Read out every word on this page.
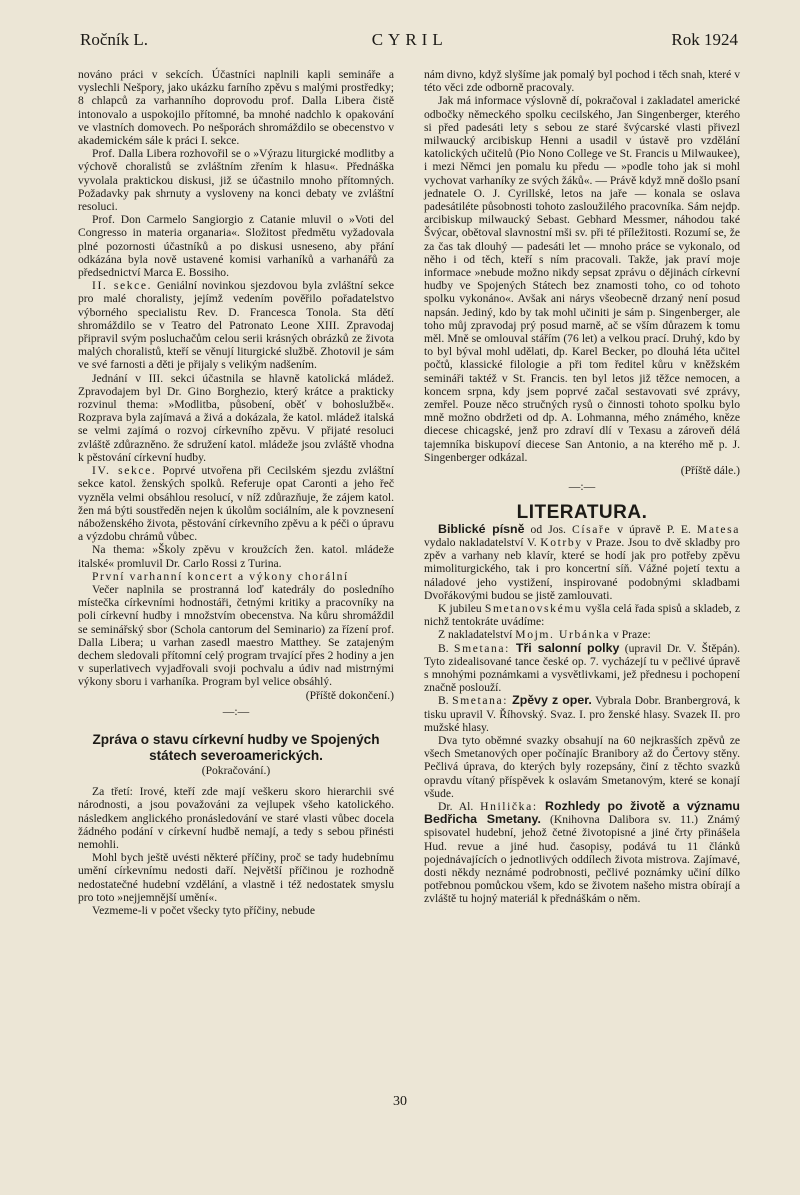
Ročník L.	CYRIL	Rok 1924

nováno práci v sekcích. Účastníci naplnili kapli seminářе a vyslechli Nešpory, jako ukázku farního zpěvu s malými prostředky; 8 chlapců za varhanního doprovodu prof. Dalla Libera čistě intonovalo a uspokojilo přítomné, ba mnohé nadchlo k opakování ve vlastních domovech. Po nešporách shromáždilo se obecenstvo v akademickém sále k práci I. sekce.

Prof. Dalla Libera rozhovořil se o »Výrazu liturgické modlitby a výchově choralistů se zvláštním zřením k hlasu«. Přednáška vyvolala praktickou diskusi, již se účastnilo mnoho přítomných. Požadavky pak shrnuty a vysloveny na konci debaty ve zvláštní resoluci.

Prof. Don Carmelo Sangiorgio z Catanie mluvil o »Voti del Congresso in materia organaria«. Složitost předmětu vyžadovala plné pozornosti účastníků a po diskusi usneseno, aby přání odkázána byla nově ustavené komisi varhaníků a varhanářů za předsednictví Marca E. Bossiho.

II. sekce. Geniální novinkou sjezdovou byla zvláštní sekce pro malé choralisty, jejímž vedením pověřilo pořadatelstvo výborného specialistu Rev. D. Francesca Tonola. Sta dětí shromáždilo se v Teatro del Patronato Leone XIII. Zpravodaj připravil svým posluchačům celou serii krásných obrázků ze života malých choralistů, kteří se věnují liturgické službě. Zhotovil je sám ve své farnosti a děti je přijaly s velikým nadšením.

Jednání v III. sekci účastnila se hlavně katolická mládež. Zpravodajem byl Dr. Gino Borghezio, který krátce a prakticky rozvinul thema: »Modlitba, působení, oběť v bohoslužbě«. Rozprava byla zajímavá a živá a dokázala, že katol. mládež italská se velmi zajímá o rozvoj církevního zpěvu. V přijaté resoluci zvláště zdůrazněno. že sdružení katol. mládeže jsou zvláště vhodna k pěstování církevní hudby.

IV. sekce. Poprvé utvořena při Cecilském sjezdu zvláštní sekce katol. ženských spolků. Referuje opat Caronti a jeho řeč vyzněla velmi obsáhlou resolucí, v níž zdůrazňuje, že zájem katol. žen má býti soustředěn nejen k úkolům sociálním, ale k povznesení náboženského života, pěstování církevního zpěvu a k péči o úpravu a výzdobu chrámů vůbec.

Na thema: »Školy zpěvu v kroužcích žen. katol. mládeže italské« promluvil Dr. Carlo Rossi z Turina.

První varhanní koncert a výkony chorální

Večer naplnila se prostranná loď katedrály do posledního místečka církevními hodnostáři, četnými kritiky a pracovníky na poli církevní hudby i množstvím obecenstva. Na kůru shromáždil se seminářský sbor (Schola cantorum del Seminario) za řízení prof. Dalla Libera; u varhan zasedl maestro Matthey. Se zatajeným dechem sledovali přítomní celý program trvající přes 2 hodiny a jen v superlativech vyjadřovali svoji pochvalu a údiv nad mistrnými výkony sboru i varhaníka. Program byl velice obsáhlý.

(Příště dokončení.)

—:—
Zpráva o stavu církevní hudby ve Spojených státech severoamerických.
(Pokračování.)

Za třetí: Irové, kteří zde mají veškeru skoro hierarchii své národnosti, a jsou považováni za vejlupek všeho katolického. následkem anglického pronásledování ve staré vlasti vůbec docela žádného podání v církevní hudbě nemají, a tedy s sebou přinésti nemohli.

Mohl bych ještě uvésti některé příčiny, proč se tady hudebnímu umění církevnímu nedosti daří. Největší příčinou je rozhodně nedostatečné hudební vzdělání, a vlastně i též nedostatek smyslu pro toto »nejjemnější umění«.

Vezmeme-li v počet všecky tyto příčiny, nebude

nám divno, když slyšíme jak pomalý byl pochod i těch snah, které v této věci zde odborně pracovaly.

Jak má informace výslovně dí, pokračoval i zakladatel americké odbočky německého spolku cecilského, Jan Singenberger, kterého si před padesáti lety s sebou ze staré švýcarské vlasti přivezl milwaucký arcibiskup Henni a usadil v ústavě pro vzdělání katolických učitelů (Pio Nono College ve St. Francis u Milwaukee), i mezi Němci jen pomalu ku předu — »podle toho jak si mohl vychovat varhaníky ze svých žáků«. — Právě když mně došlo psaní jednatele O. J. Cyrillské, letos na jaře — konala se oslava padesátiléte působnosti tohoto zasloužilého pracovníka. Sám nejdp. arcibiskup milwaucký Sebast. Gebhard Messmer, náhodou také Švýcar, obětoval slavnostní mši sv. při té příležitosti. Rozumí se, že za čas tak dlouhý — padesáti let — mnoho práce se vykonalo, od něho i od těch, kteří s ním pracovali. Takže, jak praví moje informace »nebude možno nikdy sepsat zprávu o dějinách církevní hudby ve Spojených Státech bez znamosti toho, co od tohoto spolku vykonáno«. Avšak ani nárys všeobecně drzaný není posud napsán. Jediný, kdo by tak mohl učiniti je sám p. Singenberger, ale toho můj zpravodaj prý posud marně, ač se vším důrazem k tomu měl. Mně se omlouval stářím (76 let) a velkou prací. Druhý, kdo by to byl býval mohl udělati, dp. Karel Becker, po dlouhá léta učitel počtů, klassické filologie a při tom ředitel kůru v kněžském semináři taktéž v St. Francis. ten byl letos již těžce nemocen, a koncem srpna, kdy jsem poprvé začal sestavovati své zprávy, zemřel. Pouze něco stručných rysů o činnosti tohoto spolku bylo mně možno obdržeti od dp. A. Lohmanna, mého známého, kněze diecese chicagské, jenž pro zdraví dlí v Texasu a zároveň délá tajemníka biskupoví diecese San Antonio, a na kterého mě p. J. Singenberger odkázal.

(Příště dále.)

—:—
LITERATURA.

Biblické písně od Jos. Císaře v úpravě P. E. Matesa vydalo nakladatelství V. Kotrby v Praze. Jsou to dvě skladby pro zpěv a varhany neb klavír, které se hodí jak pro potřeby zpěvu mimoliturgického, tak i pro koncertní síň. Vážné pojetí textu a náladové jeho vystižení, inspirované podobnými skladbami Dvořákovými budou se jistě zamlouvati.

K jubileu Smetanovskému vyšla celá řada spisů a skladeb, z nichž tentokráte uvádíme:

Z nakladatelství Mojm. Urbánka v Praze:

B. Smetana: Tři salonní polky (upravil Dr. V. Štěpán). Tyto zidealisované tance české op. 7. vycházejí tu v pečlivé úpravě s mnohými poznámkami a vysvětlivkami, jež přednesu i pochopení značně poslouží.

B. Smetana: Zpěvy z oper. Vybrala Dobr. Branbergrová, k tisku upravil V. Říhovský. Svaz. I. pro ženské hlasy. Svazek II. pro mužské hlasy.

Dva tyto oběmné svazky obsahují na 60 nejkrasších zpěvů ze všech Smetanových oper počínajíc Branibory až do Čertovy stěny. Pečlivá úprava, do kterých byly rozepsány, činí z těchto svazků opravdu vítaný příspěvek k oslavám Smetanovým, které se konají všude.

Dr. Al. Hnilička: Rozhledy po životě a významu Bedřicha Smetany. (Knihovna Dalibora sv. 11.) Známý spisovatel hudební, jehož četné životopisné a jiné črty přinášela Hud. revue a jiné hud. časopisy, podává tu 11 článků pojednávajících o jednotlivých oddílech života mistrova. Zajímavé, dosti někdy neznámé podrobnosti, pečlivé poznámky učiní dílko potřebnou pomůckou všem, kdo se životem našeho mistra obírají a zvláště tu hojný materiál k přednáškám o něm.

30
